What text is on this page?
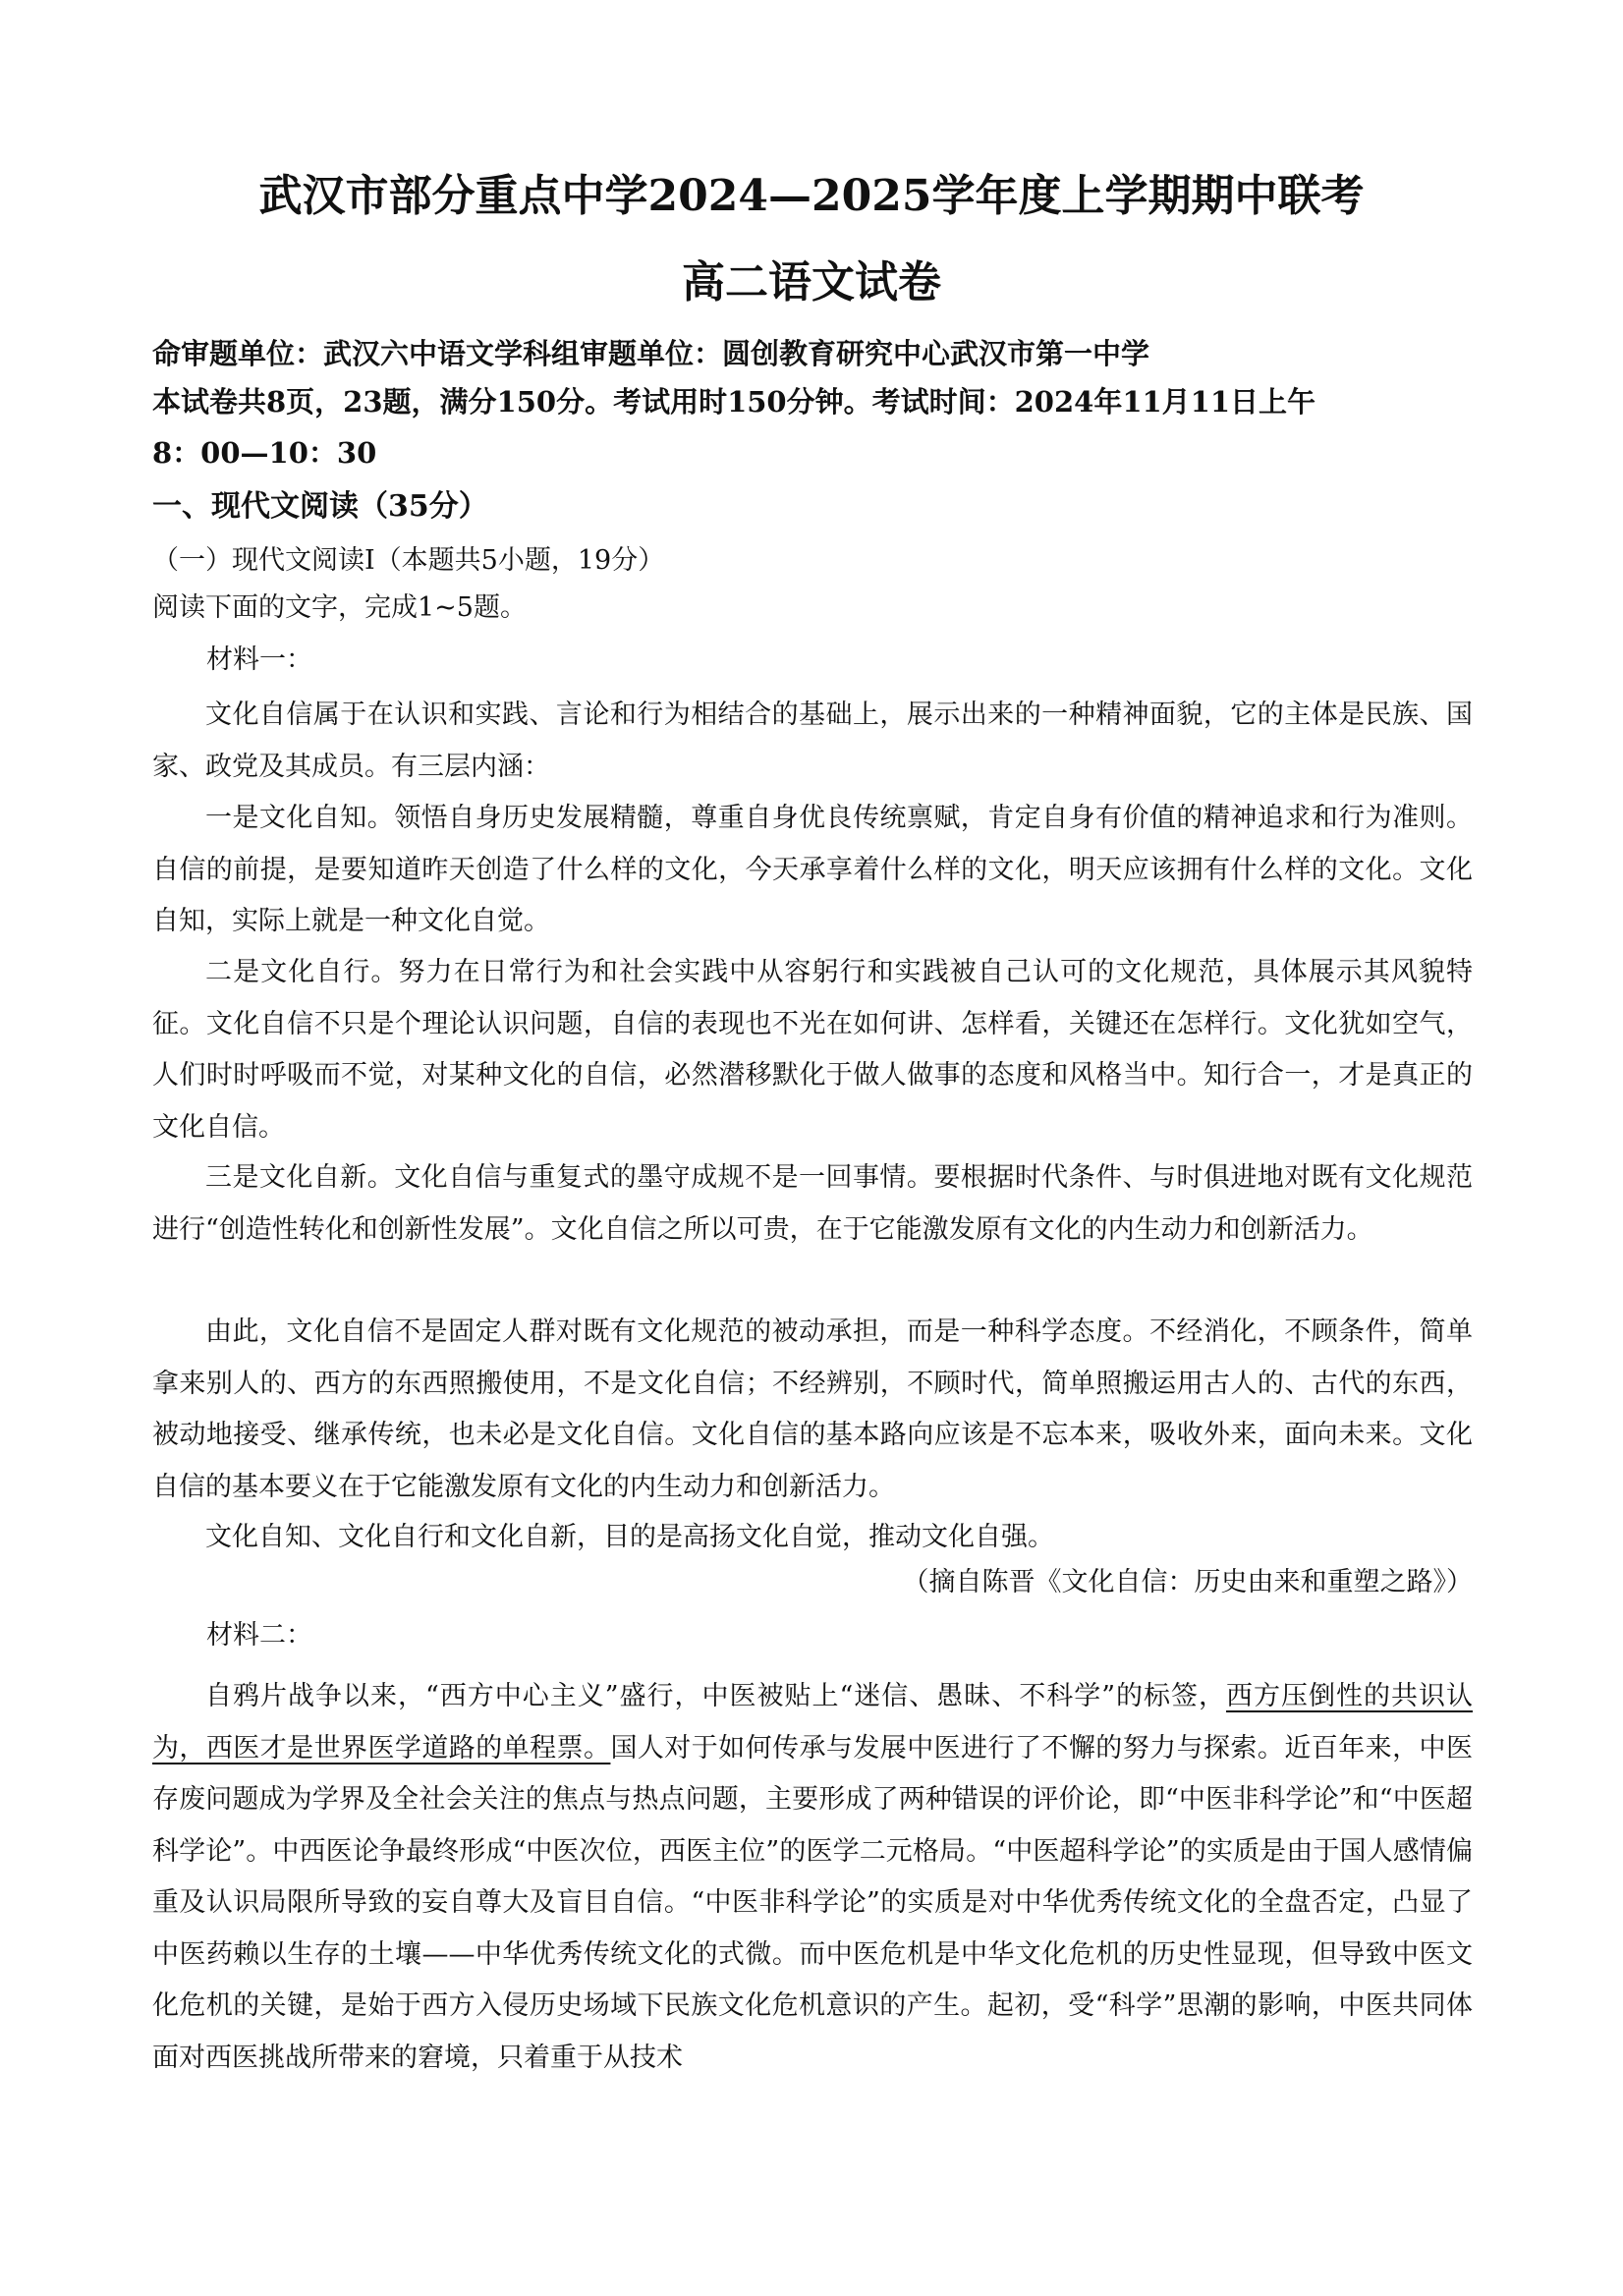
武汉市部分重点中学2024—2025学年度上学期期中联考
高二语文试卷
命审题单位：武汉六中语文学科组审题单位：圆创教育研究中心武汉市第一中学
本试卷共8页，23题，满分150分。考试用时150分钟。考试时间：2024年11月11日上午
8：00—10：30
一、现代文阅读（35分）
（一）现代文阅读Ⅰ（本题共5小题，19分）
阅读下面的文字，完成1~5题。
材料一：

文化自信属于在认识和实践、言论和行为相结合的基础上，展示出来的一种精神面貌，它的主体是民族、国家、政党及其成员。有三层内涵：

一是文化自知。领悟自身历史发展精髓，尊重自身优良传统禀赋，肯定自身有价值的精神追求和行为准则。自信的前提，是要知道昨天创造了什么样的文化，今天承享着什么样的文化，明天应该拥有什么样的文化。文化自知，实际上就是一种文化自觉。

二是文化自行。努力在日常行为和社会实践中从容躬行和实践被自己认可的文化规范，具体展示其风貌特征。文化自信不只是个理论认识问题，自信的表现也不光在如何讲、怎样看，关键还在怎样行。文化犹如空气，人们时时呼吸而不觉，对某种文化的自信，必然潜移默化于做人做事的态度和风格当中。知行合一，才是真正的文化自信。

三是文化自新。文化自信与重复式的墨守成规不是一回事情。要根据时代条件、与时俱进地对既有文化规范进行“创造性转化和创新性发展”。文化自信之所以可贵，在于它能激发原有文化的内生动力和创新活力。

由此，文化自信不是固定人群对既有文化规范的被动承担，而是一种科学态度。不经消化，不顾条件，简单拿来别人的、西方的东西照搬使用，不是文化自信；不经辨别，不顾时代，简单照搬运用古人的、古代的东西，被动地接受、继承传统，也未必是文化自信。文化自信的基本路向应该是不忘本来，吸收外来，面向未来。文化自信的基本要义在于它能激发原有文化的内生动力和创新活力。

文化自知、文化自行和文化自新，目的是高扬文化自觉，推动文化自强。

（摘自陈晋《文化自信：历史由来和重塑之路》）
材料二：

自鸦片战争以来，“西方中心主义”盛行，中医被贴上“迷信、愚昧、不科学”的标签，西方压倒性的共识认为，西医才是世界医学道路的单程票。国人对于如何传承与发展中医进行了不懈的努力与探索。近百年来，中医存废问题成为学界及全社会关注的焦点与热点问题，主要形成了两种错误的评价论，即“中医非科学论”和“中医超科学论”。中西医论争最终形成“中医次位，西医主位”的医学二元格局。“中医超科学论”的实质是由于国人感情偏重及认识局限所导致的妄自尊大及盲目自信。“中医非科学论”的实质是对中华优秀传统文化的全盘否定，凸显了中医药赖以生存的土壤——中华优秀传统文化的式微。而中医危机是中华文化危机的历史性显现，但导致中医文化危机的关键，是始于西方入侵历史场域下民族文化危机意识的产生。起初，受“科学”思潮的影响，中医共同体面对西医挑战所带来的窘境，只着重于从技术
